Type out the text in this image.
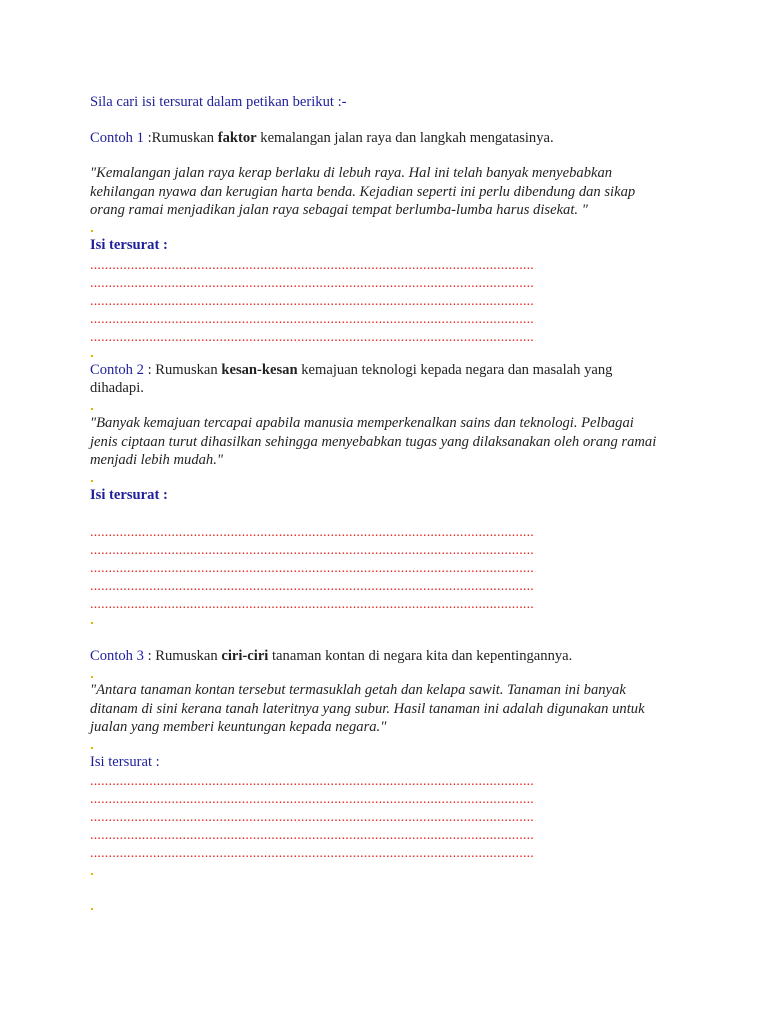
Sila cari isi tersurat dalam petikan berikut :-

Contoh 1 :Rumuskan faktor kemalangan jalan raya dan langkah mengatasinya.

"Kemalangan jalan raya kerap berlaku di lebuh raya. Hal ini telah banyak menyebabkan
kehilangan nyawa dan kerugian harta benda. Kejadian seperti ini perlu dibendung dan sikap
orang ramai menjadikan jalan raya sebagai tempat berlumba-lumba harus disekat. "

Isi tersurat :

........................................................................................................................
........................................................................................................................
........................................................................................................................
........................................................................................................................
........................................................................................................................

Contoh 2 : Rumuskan kesan-kesan kemajuan teknologi kepada negara dan masalah yang

dihadapi.

"Banyak kemajuan tercapai apabila manusia memperkenalkan sains dan teknologi. Pelbagai
jenis ciptaan turut dihasilkan sehingga menyebabkan tugas yang dilaksanakan oleh orang ramai
menjadi lebih mudah."

Isi tersurat :

........................................................................................................................
........................................................................................................................
........................................................................................................................
........................................................................................................................
........................................................................................................................

Contoh 3 : Rumuskan ciri-ciri tanaman kontan di negara kita dan kepentingannya.

"Antara tanaman kontan tersebut termasuklah getah dan kelapa sawit. Tanaman ini banyak
ditanam di sini kerana tanah lateritnya yang subur. Hasil tanaman ini adalah digunakan untuk
jualan yang memberi keuntungan kepada negara."

Isi tersurat :

........................................................................................................................
........................................................................................................................
........................................................................................................................
........................................................................................................................
........................................................................................................................
